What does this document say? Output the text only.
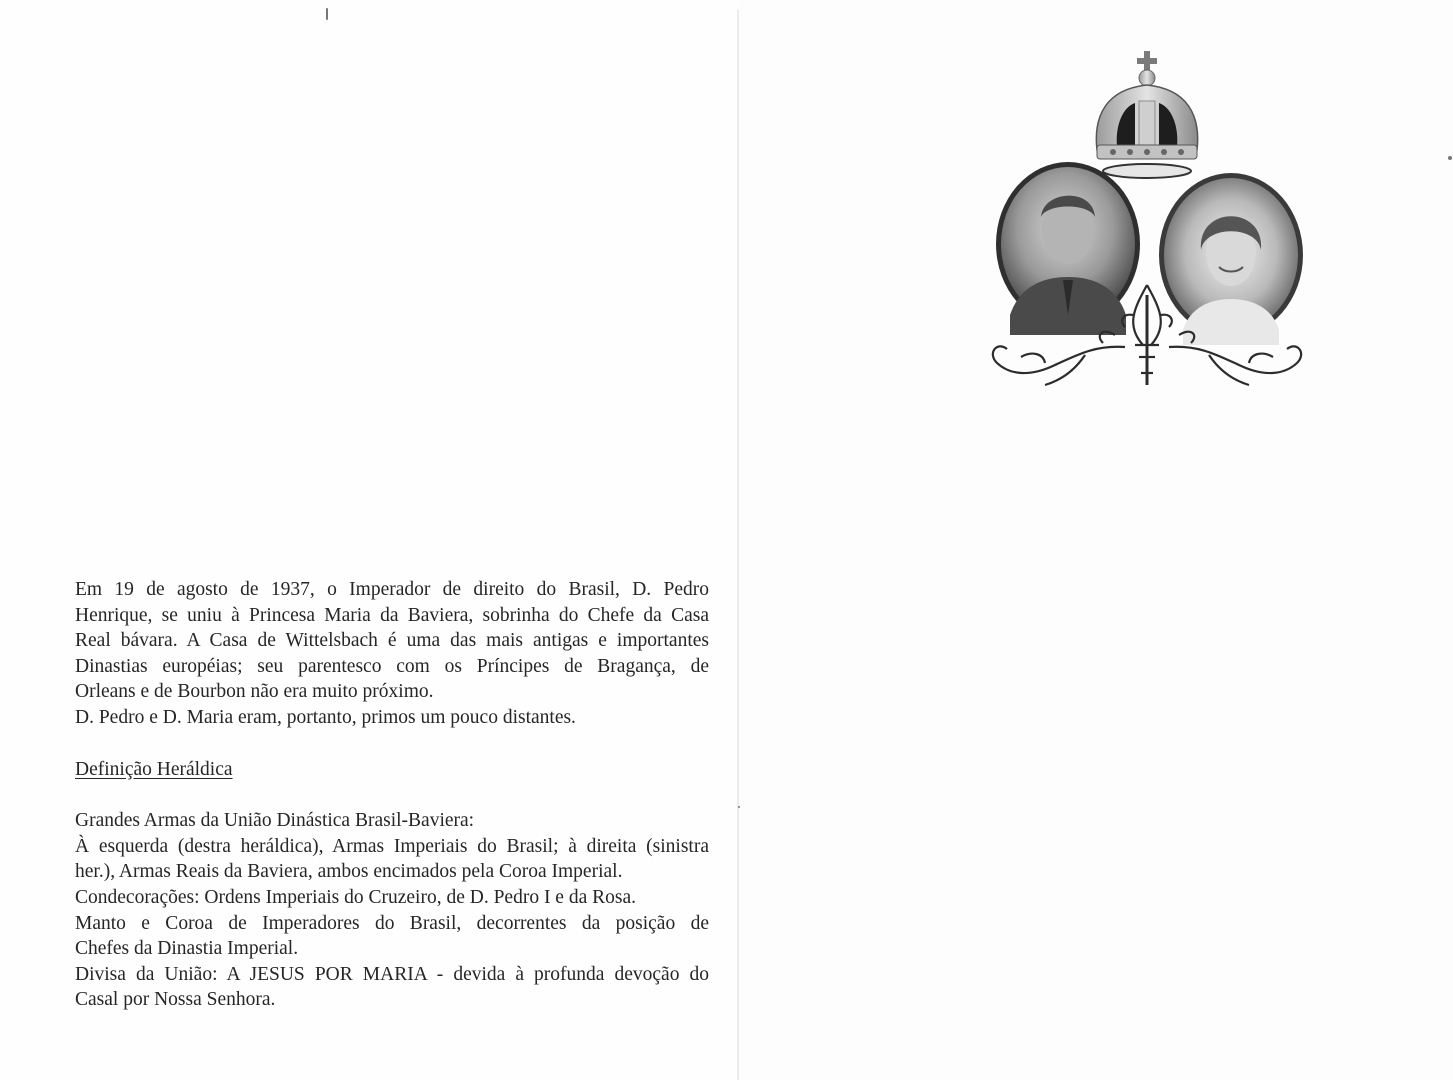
Em 19 de agosto de 1937, o Imperador de direito do Brasil, D. Pedro
Henrique, se uniu à Princesa Maria da Baviera, sobrinha do Chefe da Casa
Real bávara. A Casa de Wittelsbach é uma das mais antigas e importantes
Dinastias européias; seu parentesco com os Príncipes de Bragança, de
Orleans e de Bourbon não era muito próximo.
D. Pedro e D. Maria eram, portanto, primos um pouco distantes.
Definição Heráldica
Grandes Armas da União Dinástica Brasil-Baviera:
À esquerda (destra heráldica), Armas Imperiais do Brasil; à direita (sinistra
her.), Armas Reais da Baviera, ambos encimados pela Coroa Imperial.
Condecorações: Ordens Imperiais do Cruzeiro, de D. Pedro I e da Rosa.
Manto e Coroa de Imperadores do Brasil, decorrentes da posição de
Chefes da Dinastia Imperial.
Divisa da União: A JESUS POR MARIA - devida à profunda devoção do
Casal por Nossa Senhora.
